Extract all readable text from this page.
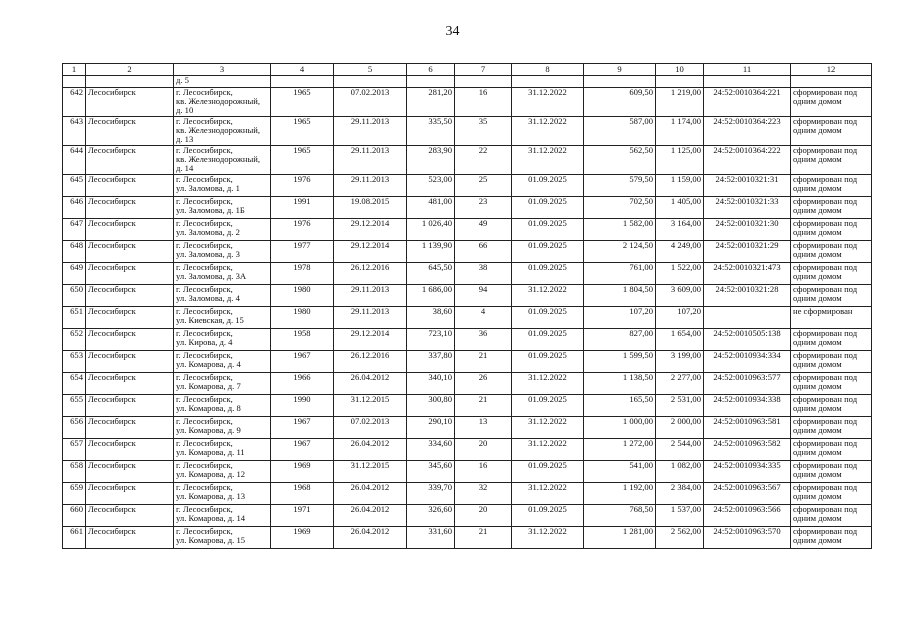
34
1	2	3	4	5	6	7	8	9	10	11	12
		д. 5									
642	Лесосибирск	г. Лесосибирск,
кв. Железнодорожный,
д. 10	1965	07.02.2013	281,20	16	31.12.2022	609,50	1 219,00	24:52:0010364:221	сформирован под
одним домом
643	Лесосибирск	г. Лесосибирск,
кв. Железнодорожный,
д. 13	1965	29.11.2013	335,50	35	31.12.2022	587,00	1 174,00	24:52:0010364:223	сформирован под
одним домом
644	Лесосибирск	г. Лесосибирск,
кв. Железнодорожный,
д. 14	1965	29.11.2013	283,90	22	31.12.2022	562,50	1 125,00	24:52:0010364:222	сформирован под
одним домом
645	Лесосибирск	г. Лесосибирск,
ул. Заломова, д. 1	1976	29.11.2013	523,00	25	01.09.2025	579,50	1 159,00	24:52:0010321:31	сформирован под
одним домом
646	Лесосибирск	г. Лесосибирск,
ул. Заломова, д. 1Б	1991	19.08.2015	481,00	23	01.09.2025	702,50	1 405,00	24:52:0010321:33	сформирован под
одним домом
647	Лесосибирск	г. Лесосибирск,
ул. Заломова, д. 2	1976	29.12.2014	1 026,40	49	01.09.2025	1 582,00	3 164,00	24:52:0010321:30	сформирован под
одним домом
648	Лесосибирск	г. Лесосибирск,
ул. Заломова, д. 3	1977	29.12.2014	1 139,90	66	01.09.2025	2 124,50	4 249,00	24:52:0010321:29	сформирован под
одним домом
649	Лесосибирск	г. Лесосибирск,
ул. Заломова, д. 3А	1978	26.12.2016	645,50	38	01.09.2025	761,00	1 522,00	24:52:0010321:473	сформирован под
одним домом
650	Лесосибирск	г. Лесосибирск,
ул. Заломова, д. 4	1980	29.11.2013	1 686,00	94	31.12.2022	1 804,50	3 609,00	24:52:0010321:28	сформирован под
одним домом
651	Лесосибирск	г. Лесосибирск,
ул. Киевская, д. 15	1980	29.11.2013	38,60	4	01.09.2025	107,20	107,20		не сформирован

652	Лесосибирск	г. Лесосибирск,
ул. Кирова, д. 4	1958	29.12.2014	723,10	36	01.09.2025	827,00	1 654,00	24:52:0010505:138	сформирован под
одним домом
653	Лесосибирск	г. Лесосибирск,
ул. Комарова, д. 4	1967	26.12.2016	337,80	21	01.09.2025	1 599,50	3 199,00	24:52:0010934:334	сформирован под
одним домом
654	Лесосибирск	г. Лесосибирск,
ул. Комарова, д. 7	1966	26.04.2012	340,10	26	31.12.2022	1 138,50	2 277,00	24:52:0010963:577	сформирован под
одним домом
655	Лесосибирск	г. Лесосибирск,
ул. Комарова, д. 8	1990	31.12.2015	300,80	21	01.09.2025	165,50	2 531,00	24:52:0010934:338	сформирован под
одним домом
656	Лесосибирск	г. Лесосибирск,
ул. Комарова, д. 9	1967	07.02.2013	290,10	13	31.12.2022	1 000,00	2 000,00	24:52:0010963:581	сформирован под
одним домом
657	Лесосибирск	г. Лесосибирск,
ул. Комарова, д. 11	1967	26.04.2012	334,60	20	31.12.2022	1 272,00	2 544,00	24:52:0010963:582	сформирован под
одним домом
658	Лесосибирск	г. Лесосибирск,
ул. Комарова, д. 12	1969	31.12.2015	345,60	16	01.09.2025	541,00	1 082,00	24:52:0010934:335	сформирован под
одним домом
659	Лесосибирск	г. Лесосибирск,
ул. Комарова, д. 13	1968	26.04.2012	339,70	32	31.12.2022	1 192,00	2 384,00	24:52:0010963:567	сформирован под
одним домом
660	Лесосибирск	г. Лесосибирск,
ул. Комарова, д. 14	1971	26.04.2012	326,60	20	01.09.2025	768,50	1 537,00	24:52:0010963:566	сформирован под
одним домом
661	Лесосибирск	г. Лесосибирск,
ул. Комарова, д. 15	1969	26.04.2012	331,60	21	31.12.2022	1 281,00	2 562,00	24:52:0010963:570	сформирован под
одним домом
